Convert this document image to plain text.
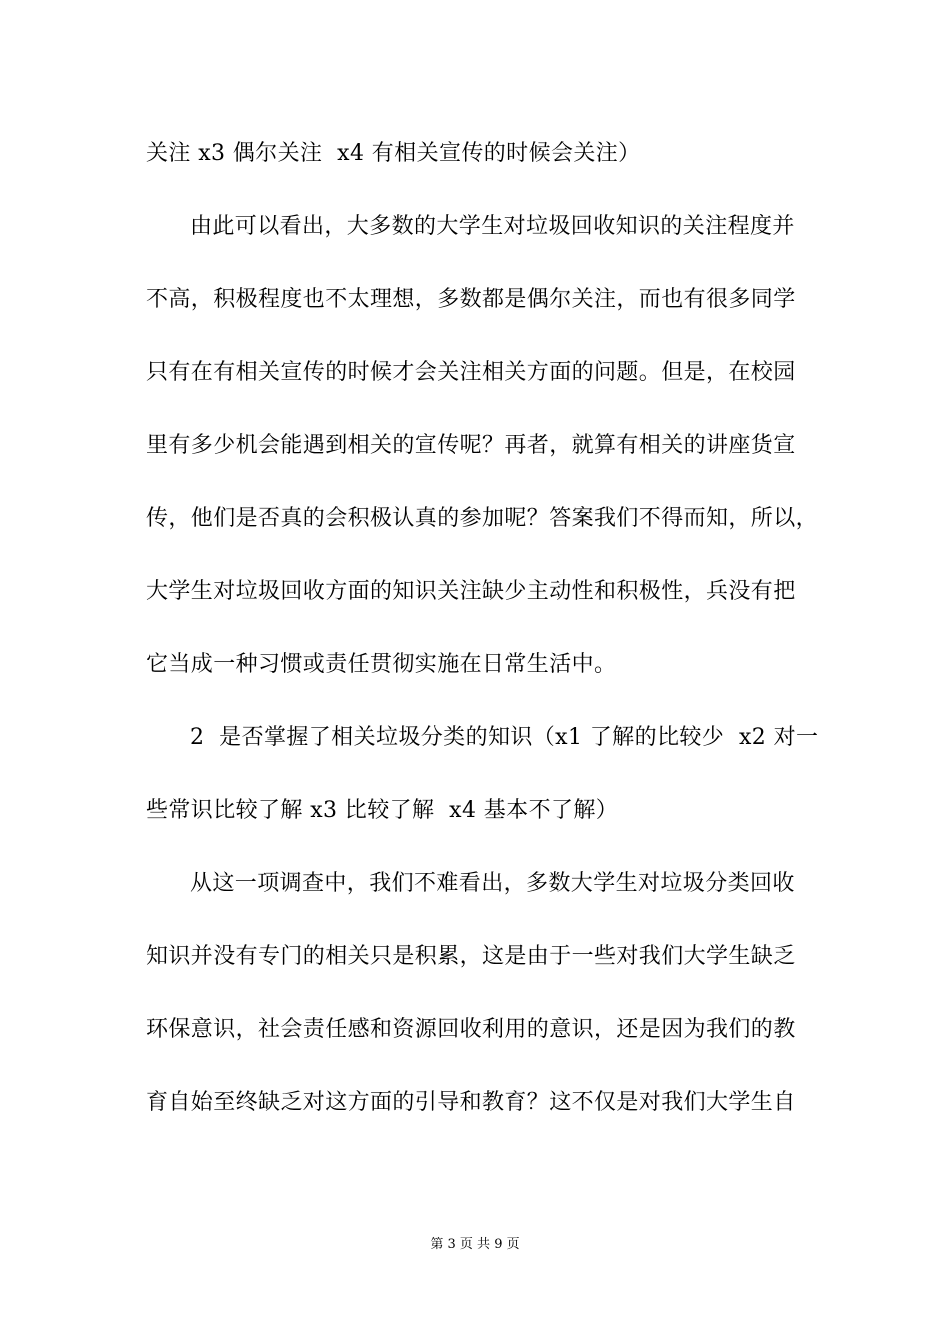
关注 x3 偶尔关注  x4 有相关宣传的时候会关注）
由此可以看出，大多数的大学生对垃圾回收知识的关注程度并
不高，积极程度也不太理想，多数都是偶尔关注，而也有很多同学
只有在有相关宣传的时候才会关注相关方面的问题。但是，在校园
里有多少机会能遇到相关的宣传呢？再者，就算有相关的讲座货宣
传，他们是否真的会积极认真的参加呢？答案我们不得而知，所以，
大学生对垃圾回收方面的知识关注缺少主动性和积极性，兵没有把
它当成一种习惯或责任贯彻实施在日常生活中。
2  是否掌握了相关垃圾分类的知识（x1 了解的比较少  x2 对一
些常识比较了解 x3 比较了解  x4 基本不了解）
从这一项调查中，我们不难看出，多数大学生对垃圾分类回收
知识并没有专门的相关只是积累，这是由于一些对我们大学生缺乏
环保意识，社会责任感和资源回收利用的意识，还是因为我们的教
育自始至终缺乏对这方面的引导和教育？这不仅是对我们大学生自
第 3 页 共 9 页
